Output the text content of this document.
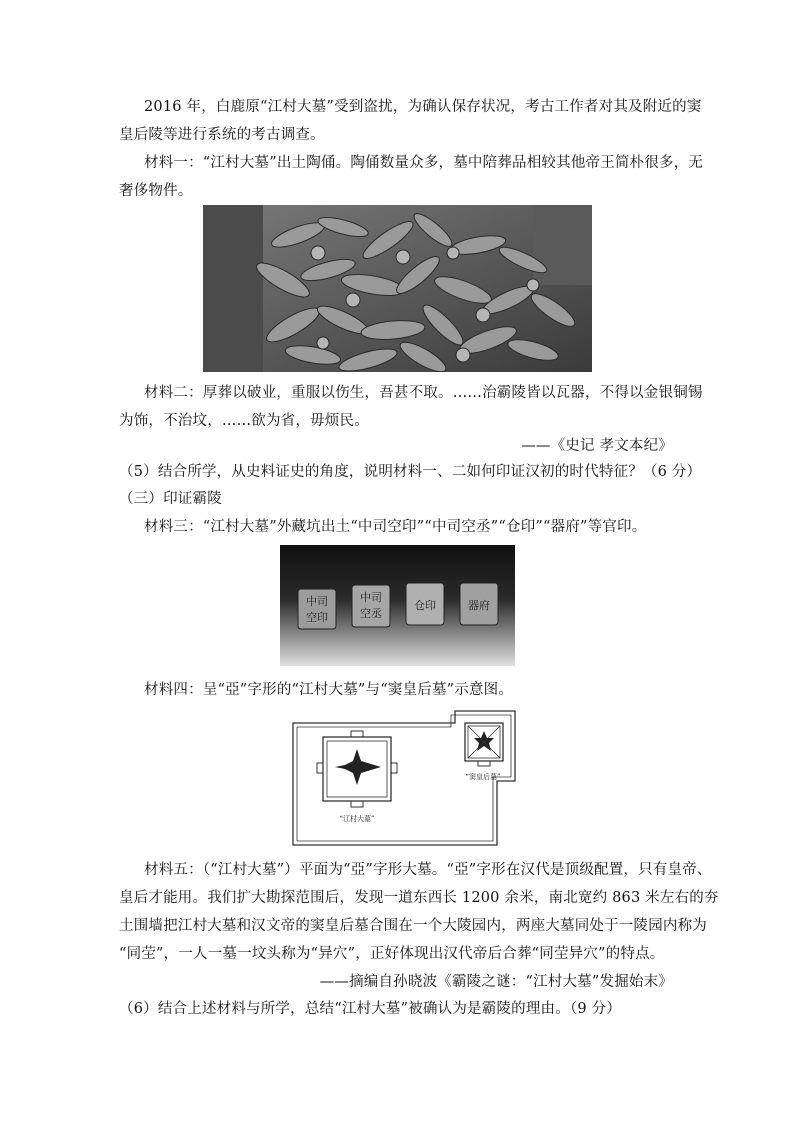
2016 年，白鹿原“江村大墓”受到盗扰，为确认保存状况，考古工作者对其及附近的窦
皇后陵等进行系统的考古调查。
材料一：“江村大墓”出土陶俑。陶俑数量众多，墓中陪葬品相较其他帝王简朴很多，无
奢侈物件。
材料二：厚葬以破业，重服以伤生，吾甚不取。……治霸陵皆以瓦器，不得以金银铜锡
为饰，不治坟，……欲为省，毋烦民。
——《史记 孝文本纪》
（5）结合所学，从史料证史的角度，说明材料一、二如何印证汉初的时代特征？（6 分）
（三）印证霸陵
材料三：“江村大墓”外藏坑出土“中司空印”“中司空丞”“仓印”“器府”等官印。
中司
空印
中司
空丞
仓印	器府
材料四：呈“亞”字形的“江村大墓”与“窦皇后墓”示意图。
“江村大墓”
“窦皇后墓”
材料五：（“江村大墓”）平面为“亞”字形大墓。“亞”字形在汉代是顶级配置，只有皇帝、
皇后才能用。我们扩大勘探范围后，发现一道东西长 1200 余米，南北宽约 863 米左右的夯
土围墙把江村大墓和汉文帝的窦皇后墓合围在一个大陵园内，两座大墓同处于一陵园内称为
“同茔”，一人一墓一坟头称为“异穴”，正好体现出汉代帝后合葬“同茔异穴”的特点。
——摘编自孙晓波《霸陵之谜：“江村大墓”发掘始末》
（6）结合上述材料与所学，总结“江村大墓”被确认为是霸陵的理由。（9 分）
